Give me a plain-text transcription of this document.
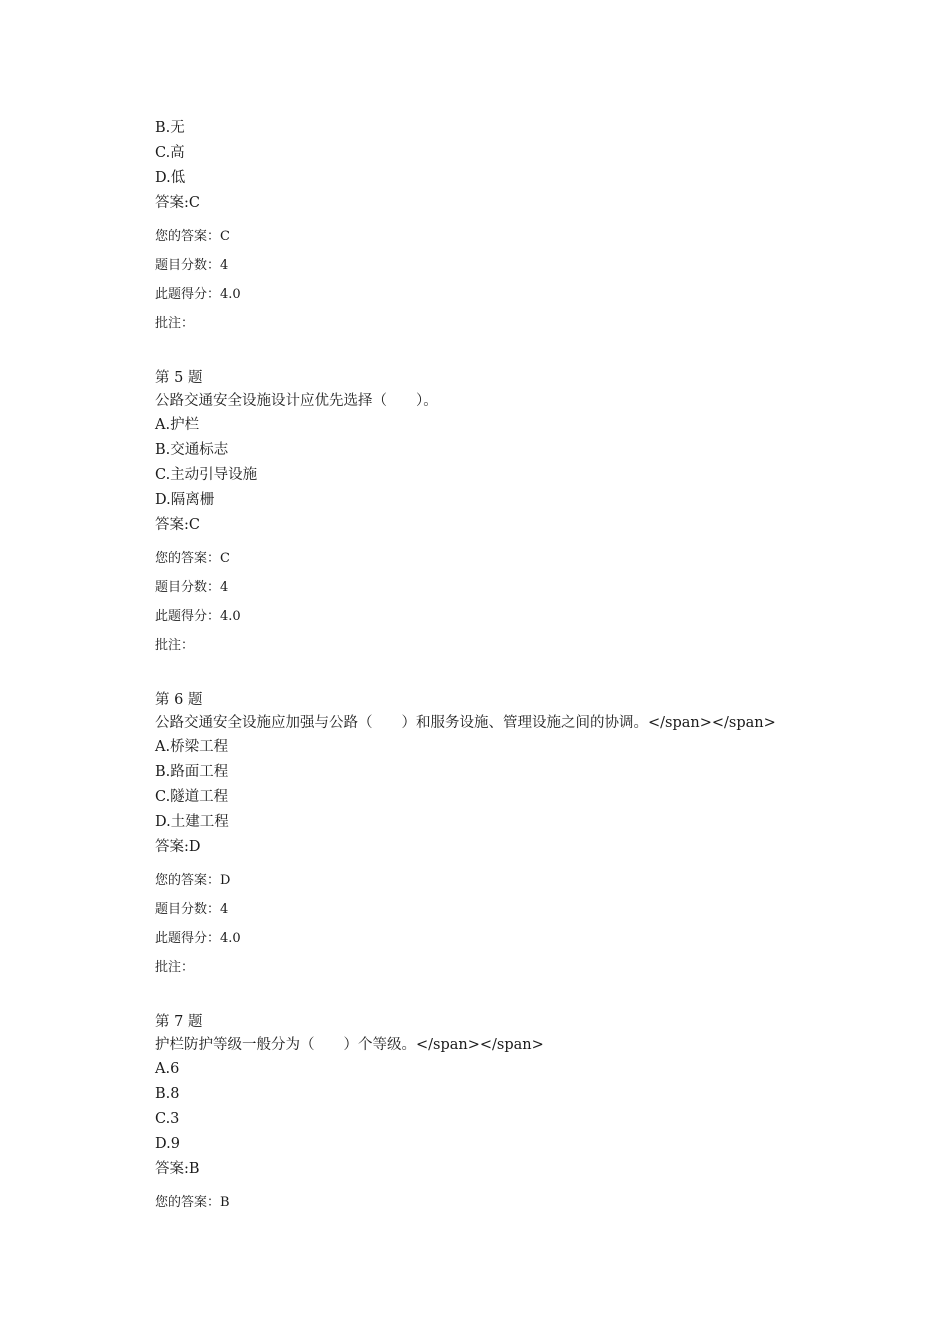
B.无
C.高
D.低
答案:C
您的答案：C
题目分数：4
此题得分：4.0
批注：
第 5 题
公路交通安全设施设计应优先选择（　　）。
A.护栏
B.交通标志
C.主动引导设施
D.隔离栅
答案:C
您的答案：C
题目分数：4
此题得分：4.0
批注：
第 6 题
公路交通安全设施应加强与公路（　　）和服务设施、管理设施之间的协调。</span></span>
A.桥梁工程
B.路面工程
C.隧道工程
D.土建工程
答案:D
您的答案：D
题目分数：4
此题得分：4.0
批注：
第 7 题
护栏防护等级一般分为（　　）个等级。</span></span>
A.6
B.8
C.3
D.9
答案:B
您的答案：B
